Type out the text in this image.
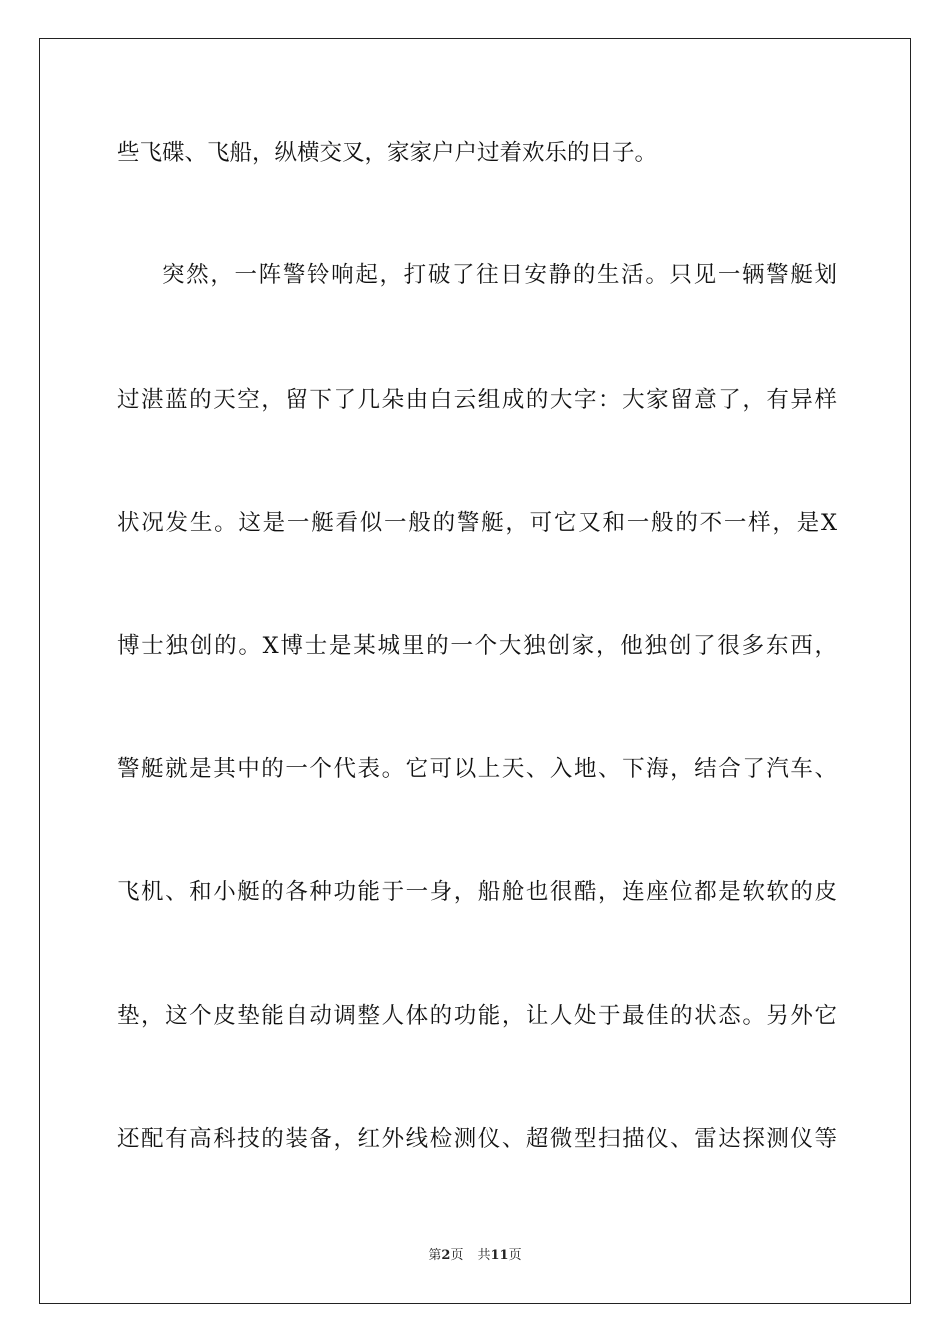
些飞碟、飞船，纵横交叉，家家户户过着欢乐的日子。
突然，一阵警铃响起，打破了往日安静的生活。只见一辆警艇划
过湛蓝的天空，留下了几朵由白云组成的大字：大家留意了，有异样
状况发生。这是一艇看似一般的警艇，可它又和一般的不一样，是X
博士独创的。X博士是某城里的一个大独创家，他独创了很多东西，
警艇就是其中的一个代表。它可以上天、入地、下海，结合了汽车、
飞机、和小艇的各种功能于一身，船舱也很酷，连座位都是软软的皮
垫，这个皮垫能自动调整人体的功能，让人处于最佳的状态。另外它
还配有高科技的装备，红外线检测仪、超微型扫描仪、雷达探测仪等
第2页 共11页
